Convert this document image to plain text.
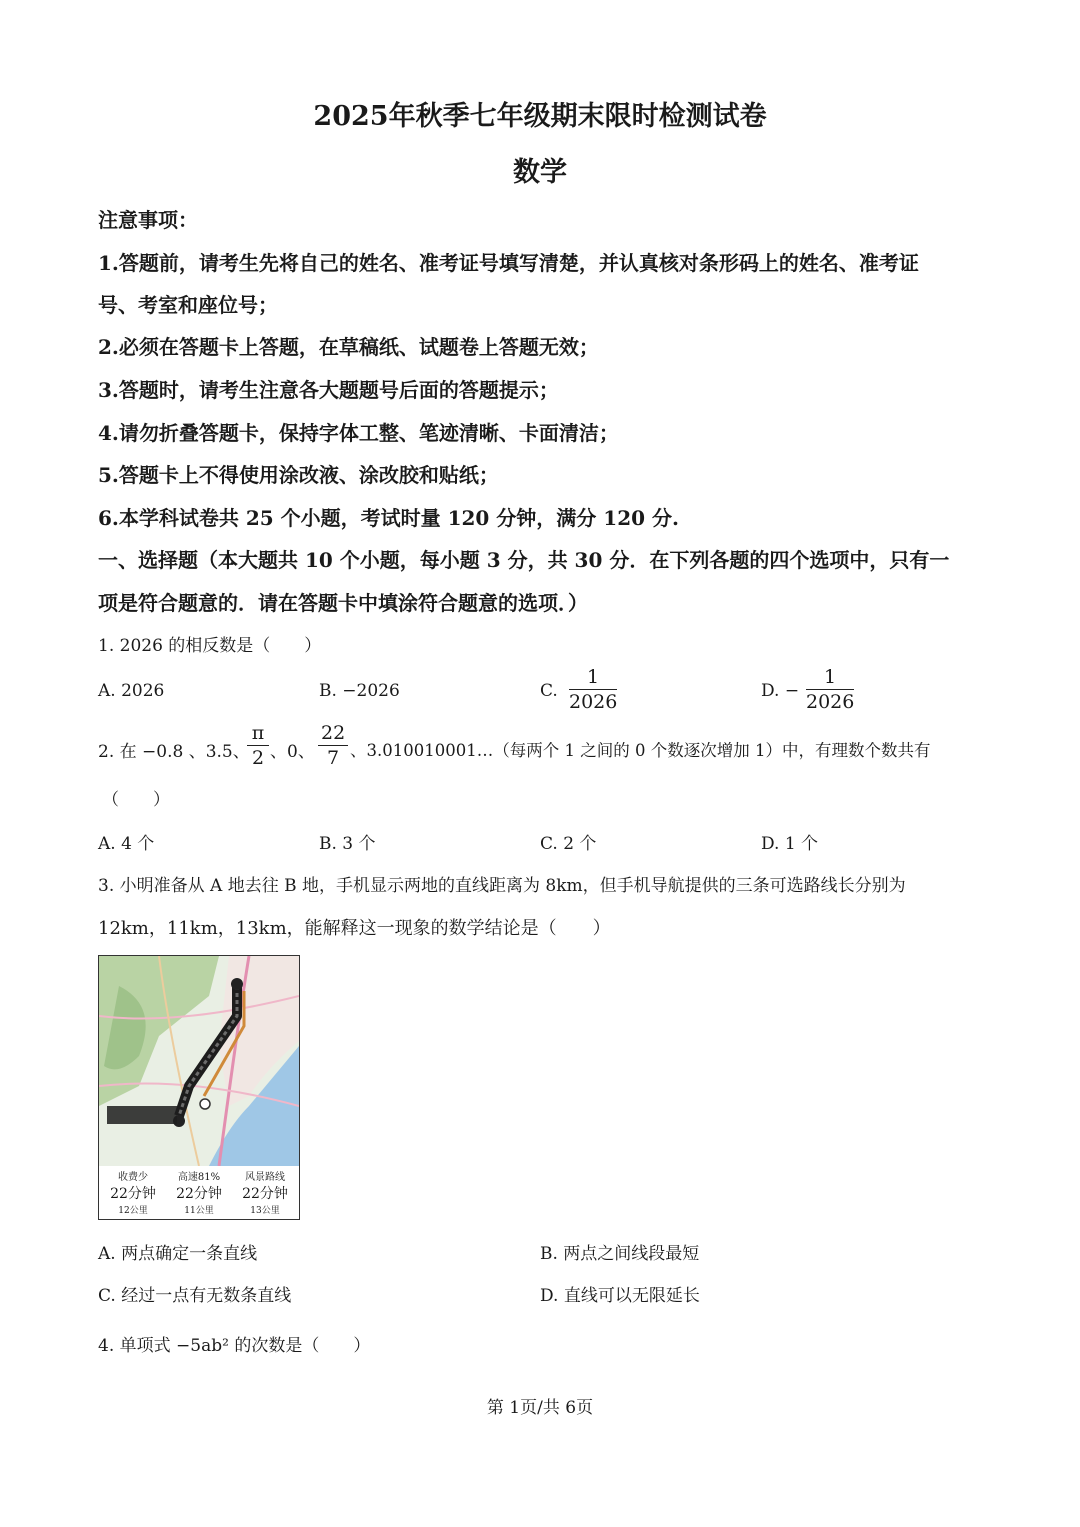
2025年秋季七年级期末限时检测试卷
数学
注意事项：
1.答题前，请考生先将自己的姓名、准考证号填写清楚，并认真核对条形码上的姓名、准考证
号、考室和座位号；
2.必须在答题卡上答题，在草稿纸、试题卷上答题无效；
3.答题时，请考生注意各大题题号后面的答题提示；
4.请勿折叠答题卡，保持字体工整、笔迹清晰、卡面清洁；
5.答题卡上不得使用涂改液、涂改胶和贴纸；
6.本学科试卷共 25 个小题，考试时量 120 分钟，满分 120 分.
一、选择题（本大题共 10 个小题，每小题 3 分，共 30 分．在下列各题的四个选项中，只有一
项是符合题意的．请在答题卡中填涂符合题意的选项．）
1. 2026 的相反数是（　　）
A. 2026	B. −2026	C. $\frac{1}{2026}$	D. − $\frac{1}{2026}$
2. 在 −0.8 、3.5、
$\frac{\pi}{2}$ 、0、 $\frac{22}{7}$ 、3.010010001…（每两个 1 之间的 0 个数逐次增加 1）中，有理数个数共有
（　　）
A. 4 个	B. 3 个	C. 2 个	D. 1 个
3. 小明准备从 A 地去往 B 地，手机显示两地的直线距离为 8km，但手机导航提供的三条可选路线长分别为
12km，11km，13km，能解释这一现象的数学结论是（　　）
收费少
22分钟
12公里
高速81%
22分钟
11公里
风景路线
22分钟
13公里
A. 两点确定一条直线	B. 两点之间线段最短
C. 经过一点有无数条直线	D. 直线可以无限延长
4. 单项式 −5ab² 的次数是（　　）
第 1页/共 6页
